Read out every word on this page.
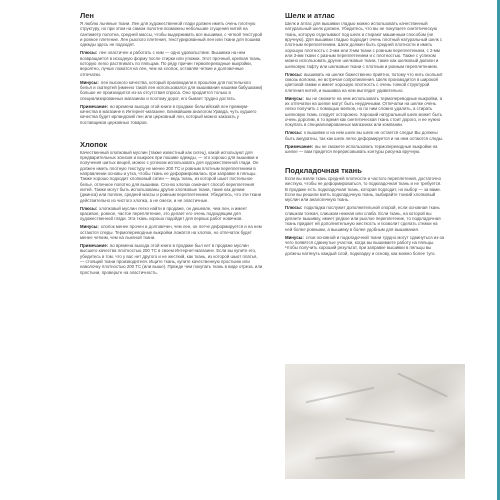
Лен

Я люблю льняные ткани. Лен для художественной глади должен иметь очень плотную структуру, но при этом на самом полотне возможны небольшие сгущения нитей на сантиметр полотна, средней массы, чтобы выдерживать все вышивки, с четкой текстурой и ровное плетение. Лен рыхлого плетения, текстурированный лен или ткани для пошива одежды здесь не подходят.

Плюсы: лен эластичен и работать с ним — одно удовольствие. Вышивка на нем возвращается в исходную форму после стирки или утюжки. Этот прочный, крепкая ткань, которую легко растягивать по пяльцам. По ряду причин термопереводные выкройки, вероятно, лучше ложатся на лен, чем на хлопок, оставляя четкие и долговечные отпечатки.

Минусы: лен высокого качества, который производили в прошлом для постельного белья и скатертей (именно такой лен использовался для вышивания нашими бабушками) больше не производится из-за отсутствия спроса. Оно продаётся только в специализированных магазинах и поэтому дорог, его бывает трудно достать.

Примечание: во времена выхода этой книги в продаже бельгийский лен премиум-качества в магазине в Интернет-магазине. Ближайшим аналогом Уравда, чуть худшего качества будет ирландский лен или церковный лен, который можно заказать у поставщиков церковных товаров.

Хлопок

Качественный хлопковый муслин (также известный как ситец), какой используют для предварительных эскизов и выкроек при пошиве одежды, — это хорошо для вышивки и получения шитых вещей, можно с успехом использовать для художественной глади. Он должен иметь плотную текстуру не менее 200 ТС и ровным плотным переплетением в направлении основы и утка, чтобы ткань не деформировалась при заправке в пяльцы. Также хорошо подходит хлопковый сатин — ведь ткань, из которой шьют постельное белье, отличное полотно для вышивки. Сло-во хлопок означает способ переплетения нитей. Также могут быть использованы другие хлопковые ткани, такие как деним (джинса) или поплин, средней массы и ровным переплетением. Убедитесь, что эти ткани действительно из чистого хлопка, а не смеси, и не эластичные.

Плюсы: хлопковый муслин легко найти в продаже, он дешевле, чем лен, и имеет красивое, ровное, частое переплетение, это делает его очень подходящим для художественной глади. Эта ткань хорошо подойдет для первых работ новичков.

Минусы: хлопок менее прочен и долговечен, чем лен, он легче деформируется и на нем остаются следы. Термопереводные выкройки ложатся на хлопок, но отпечаток будет менее четким, чем на льняной ткани.

Примечание: во времена выхода этой книги в продаже был нет в продаже муслин высшего качества плотностью 200 ТС в своем Интернет-магазине. Если вы купите его, убедитесь в том, что у вас нет другого и не жесткий, как ткань, из которой шьют платья, — стоящий ткани производителя. Ищите ткань, купите качественную простыню или наволочку плотностью 200 ТС (или выше). Прежде чем покупать ткань в виде отреза, или простыни, проверьте на эластичность.

Шелк и атлас

Шелк и атлас для вышивки гладью можно использовать качественный натуральный шелк должен. Убедитесь, что вы не покупаете синтетическую ткань, которую отделывают под шелк и стирают машинным способом (не вручную). Для вышивки гладью подходит очень плотный натуральный шелк с плотным переплетением. Шелк должен быть средней плотности и иметь хорошую плотность с 2-мм или 3-мм ткани с ровным переплетением, с 2-мм или 3-мм ткани с разным переплетением и с плотностью. Также с успехом можно использовать другие шелковые ткани, такие как шелковый дюпион и шелковую тафту или шелковые ткани с плотным и ровным переплетением.

Плюсы: вышивать на шелке божественно приятно, потому что нить скользит сквозь волокна, не встречая сопротивления. Шелк производится в широкой цветовой гамме и имеет хорошую плотность с очень тонкой структурой плетения нитей, и вышивка на нем выглядит удивительно.

Минусы: вы не сможете на нем использовать термопереводные выкройки, а их отпечатки на шелке могут быть неудачными. Отпечатки на шелке очень легко получить с помощью мелков, но по ним сложно удалить, а стирать шелковую ткань следует осторожно. Хороший натуральный шелк может быть очень дорогим, в то время как синтетическая ткань стоит дорого, и ее нужно покупать в специализированных магазинах или компании.

Плюсы: к вышивке и на нем шелк вы шелк не остается следы! Вы должны быть аккуратны, так как шелк легко деформируется и на нем остаются следы.

Примечание: вы не сможете использовать термопереводные выкройки на шелке — вам придется перерисовывать контуры рисунка вручную.

Подкладочная ткань

Если вы взяли ткань средней плотности и частого переплетения, достаточно жесткую, чтобы не деформироваться, то подкладочная ткань и не требуется. В продаже есть подкладочная ткань, которая подходит, но выбор — за вами. Если вы решили взять подкладочную ткань, выбирайте тонкий хлопковый муслин или аналогичную ткань.

Плюсы: подкладка послужит дополнительной опорой, если основная ткань слишком тонкая, слишком нежная или слаба. Если ткань, на которой вы делаете вышивку, имеет редкое или рыхлое переплетение, то подкладочная ткань придает ей дополнительную жесткость и позволит сделать стежки на ней более ровными, а вышивку в более удобным для вышивания.

Минусы: слои основной и подкладочной ткани трудно могут сдвинуться из-за чего появятся сдвинутые участки, когда вы вышиваете работу на пяльцы. Чтобы получить хороший результат, при заправке вышивки в пяльцы вы должны натянуть каждый слой, подкладку и основу, как можно более туго.
